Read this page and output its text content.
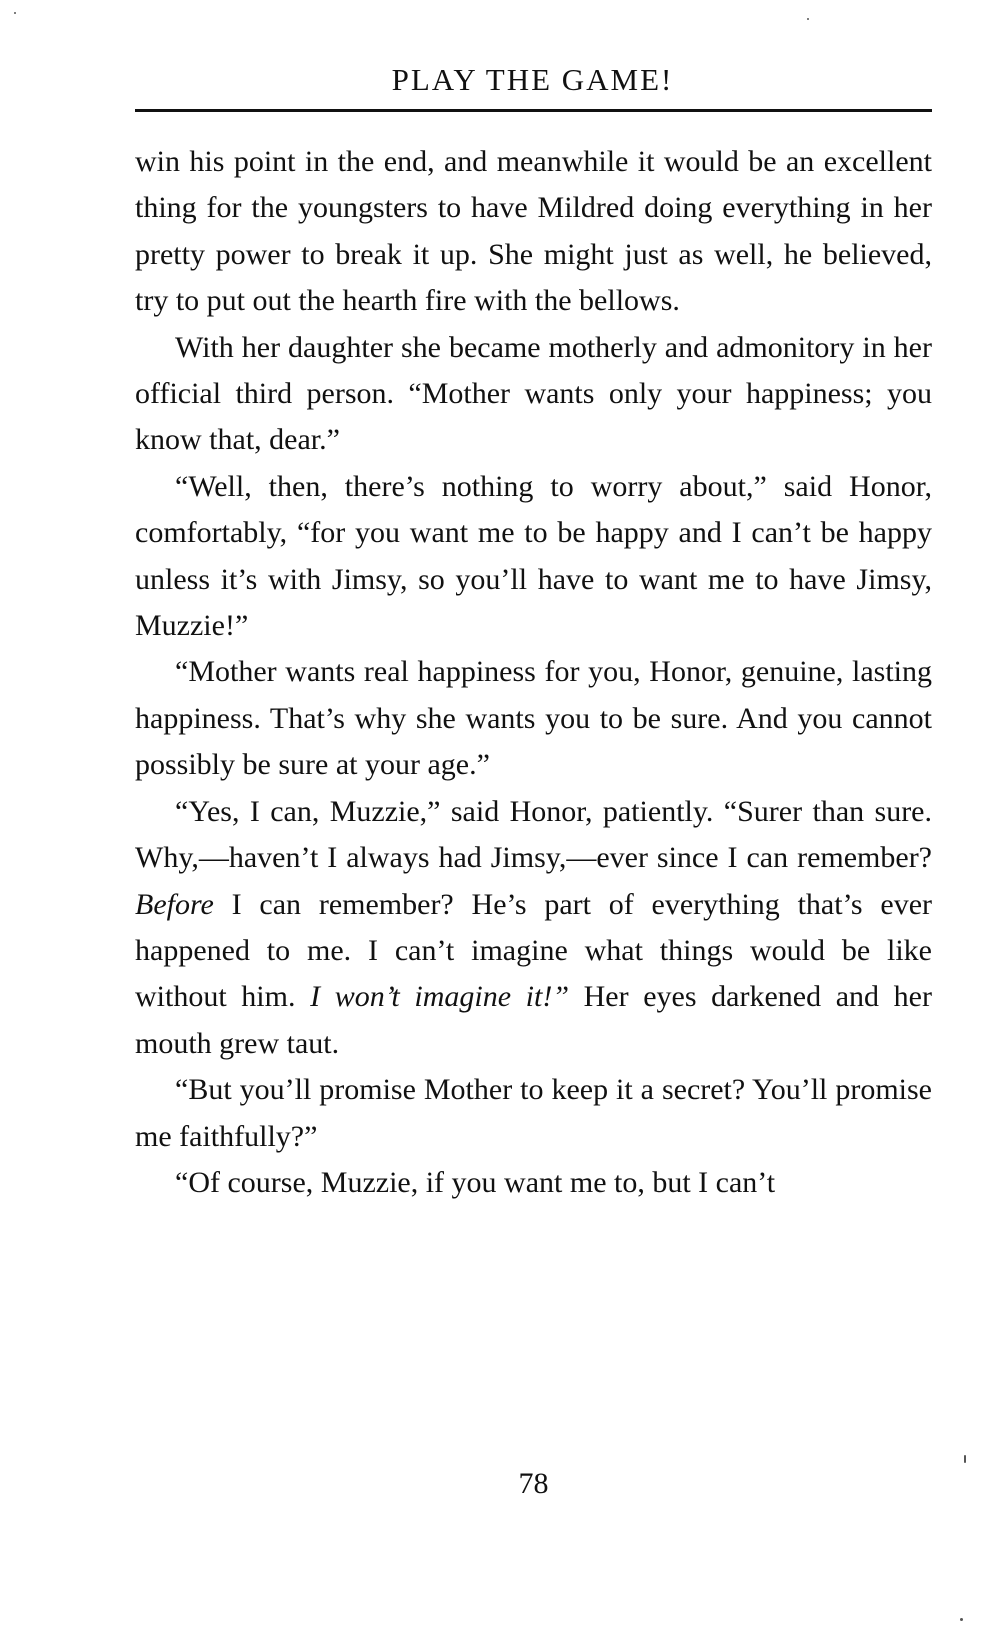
PLAY THE GAME!

win his point in the end, and meanwhile it would be an excellent thing for the youngsters to have Mildred doing everything in her pretty power to break it up. She might just as well, he believed, try to put out the hearth fire with the bellows.

With her daughter she became motherly and admonitory in her official third person. “Mother wants only your happiness; you know that, dear.”

“Well, then, there’s nothing to worry about,” said Honor, comfortably, “for you want me to be happy and I can’t be happy unless it’s with Jimsy, so you’ll have to want me to have Jimsy, Muzzie!”

“Mother wants real happiness for you, Honor, genuine, lasting happiness. That’s why she wants you to be sure. And you cannot possibly be sure at your age.”

“Yes, I can, Muzzie,” said Honor, patiently. “Surer than sure. Why,—haven’t I always had Jimsy,—ever since I can remember? Before I can remember? He’s part of everything that’s ever happened to me. I can’t imagine what things would be like without him. I won’t imagine it!” Her eyes darkened and her mouth grew taut.

“But you’ll promise Mother to keep it a secret? You’ll promise me faithfully?”

“Of course, Muzzie, if you want me to, but I can’t

78
